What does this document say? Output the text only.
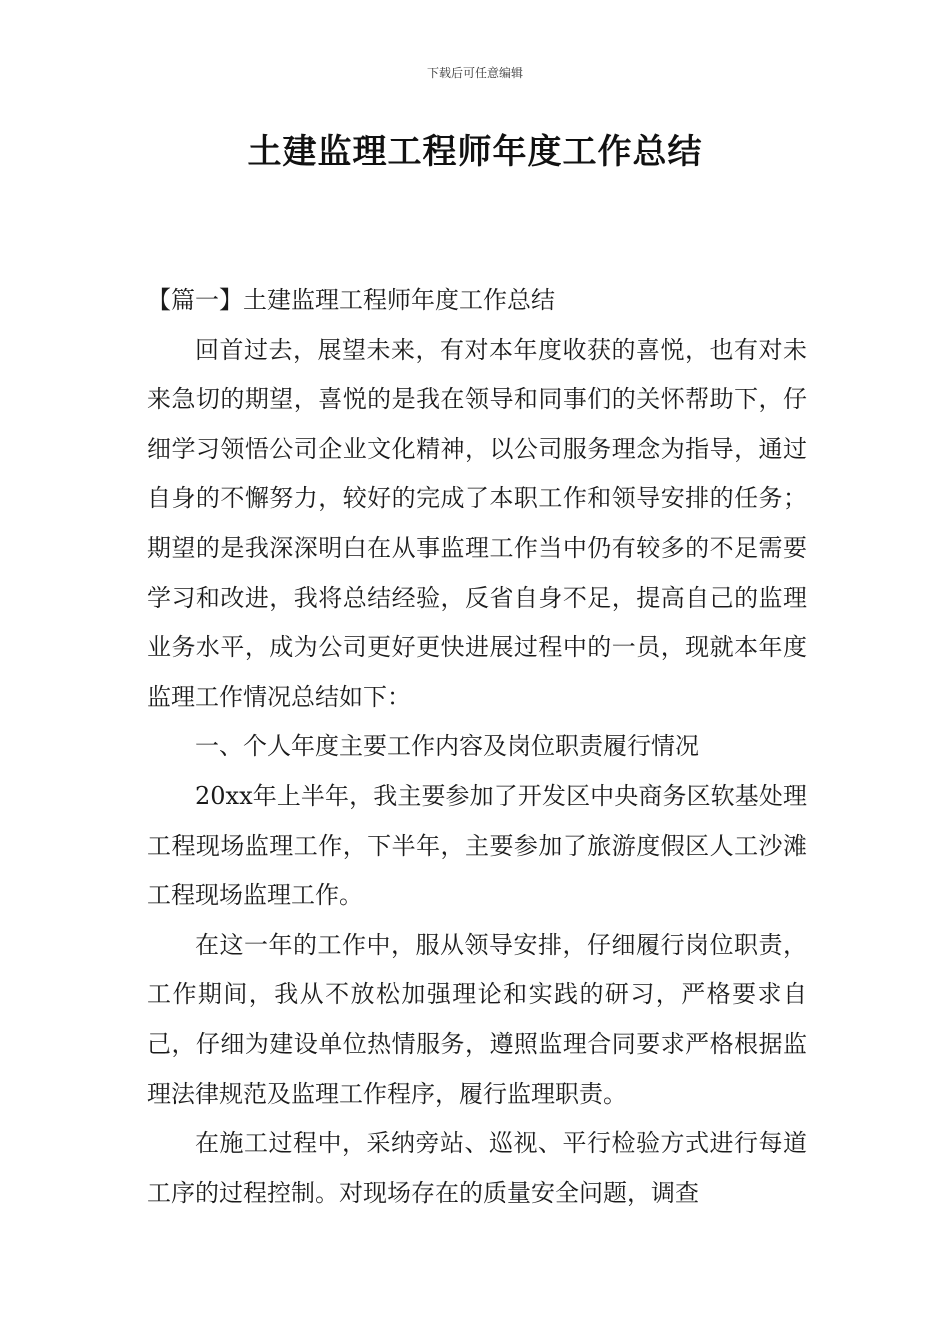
下载后可任意编辑
土建监理工程师年度工作总结

【篇一】土建监理工程师年度工作总结

回首过去，展望未来，有对本年度收获的喜悦，也有对未来急切的期望，喜悦的是我在领导和同事们的关怀帮助下，仔细学习领悟公司企业文化精神，以公司服务理念为指导，通过自身的不懈努力，较好的完成了本职工作和领导安排的任务；期望的是我深深明白在从事监理工作当中仍有较多的不足需要学习和改进，我将总结经验，反省自身不足，提高自己的监理业务水平，成为公司更好更快进展过程中的一员，现就本年度监理工作情况总结如下：

一、个人年度主要工作内容及岗位职责履行情况

20xx年上半年，我主要参加了开发区中央商务区软基处理工程现场监理工作，下半年，主要参加了旅游度假区人工沙滩工程现场监理工作。

在这一年的工作中，服从领导安排，仔细履行岗位职责，工作期间，我从不放松加强理论和实践的研习，严格要求自己，仔细为建设单位热情服务，遵照监理合同要求严格根据监理法律规范及监理工作程序，履行监理职责。

在施工过程中，采纳旁站、巡视、平行检验方式进行每道工序的过程控制。对现场存在的质量安全问题，调查
